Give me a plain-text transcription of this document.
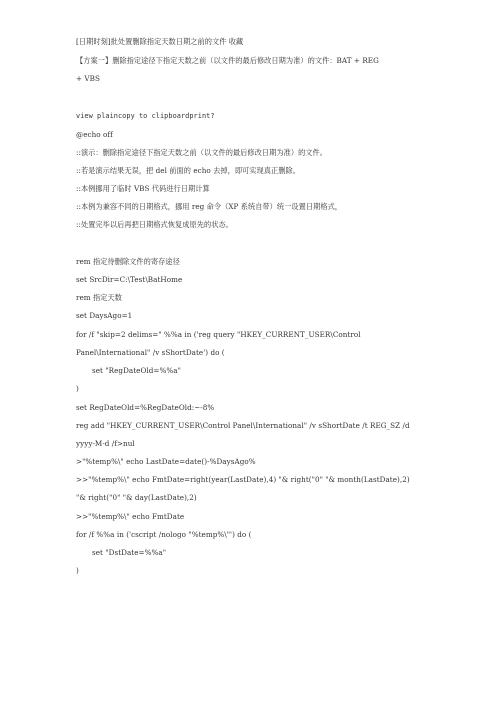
[日期时刻]批处置删除指定天数日期之前的文件 收藏
【方案一】删除指定途径下指定天数之前（以文件的最后修改日期为准）的文件：BAT + REG
+ VBS
view plaincopy to clipboardprint?
@echo off
::演示：删除指定途径下指定天数之前（以文件的最后修改日期为准）的文件。
::若是演示结果无误，把 del 前面的 echo 去掉，即可实现真正删除。
::本例挪用了临时 VBS 代码进行日期计算
::本例为兼容不同的日期格式，挪用 reg 命令（XP 系统自带）统一设置日期格式，
::处置完毕以后再把日期格式恢复成原先的状态。
rem 指定待删除文件的寄存途径
set SrcDir=C:\Test\BatHome
rem 指定天数
set DaysAgo=1
for /f "skip=2 delims=" %%a in ('reg query "HKEY_CURRENT_USER\Control
Panel\International" /v sShortDate') do (
set "RegDateOld=%%a"
)
set RegDateOld=%RegDateOld:~-8%
reg add "HKEY_CURRENT_USER\Control Panel\International" /v sShortDate /t REG_SZ /d
yyyy-M-d /f>nul
>"%temp%\" echo LastDate=date()-%DaysAgo%
>>"%temp%\" echo FmtDate=right(year(LastDate),4) "& right("0" "& month(LastDate),2)
"& right("0" "& day(LastDate),2)
>>"%temp%\" echo FmtDate
for /f %%a in ('cscript /nologo "%temp%\"') do (
set "DstDate=%%a"
)
